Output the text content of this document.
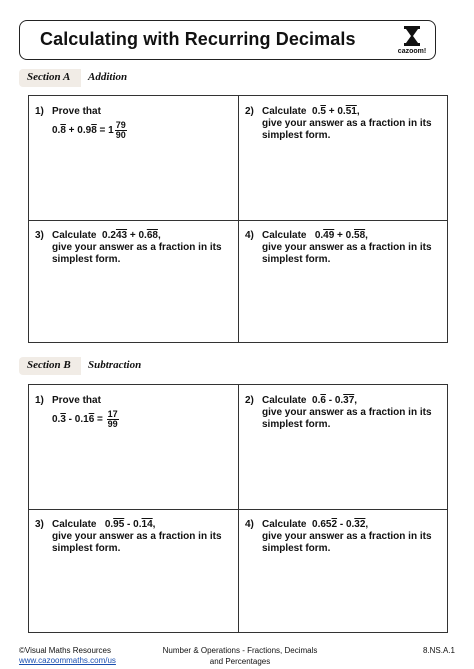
Calculating with Recurring Decimals
cazoom!
Section A Addition
1) Prove that
$0.8 + 0.98 = 1 \frac{79}{90}$
2) Calculate 0.5 + 0.51,
give your answer as a fraction in its
simplest form.
3) Calculate 0.243 + 0.68,
give your answer as a fraction in its
simplest form.
4) Calculate 0.49 + 0.58,
give your answer as a fraction in its
simplest form.
Section B Subtraction
1) Prove that
$0.3 - 0.16 = \frac{17}{99}$
2) Calculate 0.6 - 0.37,
give your answer as a fraction in its
simplest form.
3) Calculate 0.95 - 0.14,
give your answer as a fraction in its
simplest form.
4) Calculate 0.652 - 0.32,
give your answer as a fraction in its
simplest form.
©Visual Maths Resources
www.cazoommaths.com/us
Number & Operations - Fractions, Decimals
and Percentages
8.NS.A.1
